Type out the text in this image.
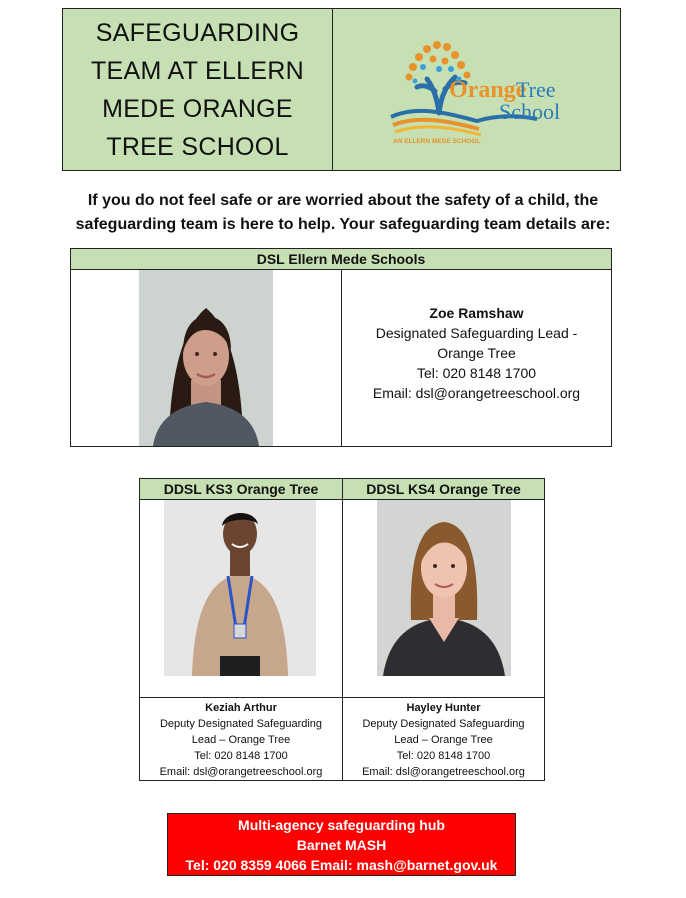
SAFEGUARDING TEAM AT ELLERN MEDE ORANGE TREE SCHOOL
Orange
Tree
School
AN ELLERN MEDE SCHOOL
If you do not feel safe or are worried about the safety of a child, the safeguarding team is here to help. Your safeguarding team details are:
DSL Ellern Mede Schools
Zoe Ramshaw
Designated Safeguarding Lead -
Orange Tree
Tel: 020 8148 1700
Email: dsl@orangetreeschool.org
DDSL KS3 Orange Tree
Keziah Arthur
Deputy Designated Safeguarding
Lead – Orange Tree
Tel: 020 8148 1700
Email: dsl@orangetreeschool.org
DDSL KS4 Orange Tree
Hayley Hunter
Deputy Designated Safeguarding
Lead – Orange Tree
Tel: 020 8148 1700
Email: dsl@orangetreeschool.org
Multi-agency safeguarding hub
Barnet MASH
Tel: 020 8359 4066 Email: mash@barnet.gov.uk
